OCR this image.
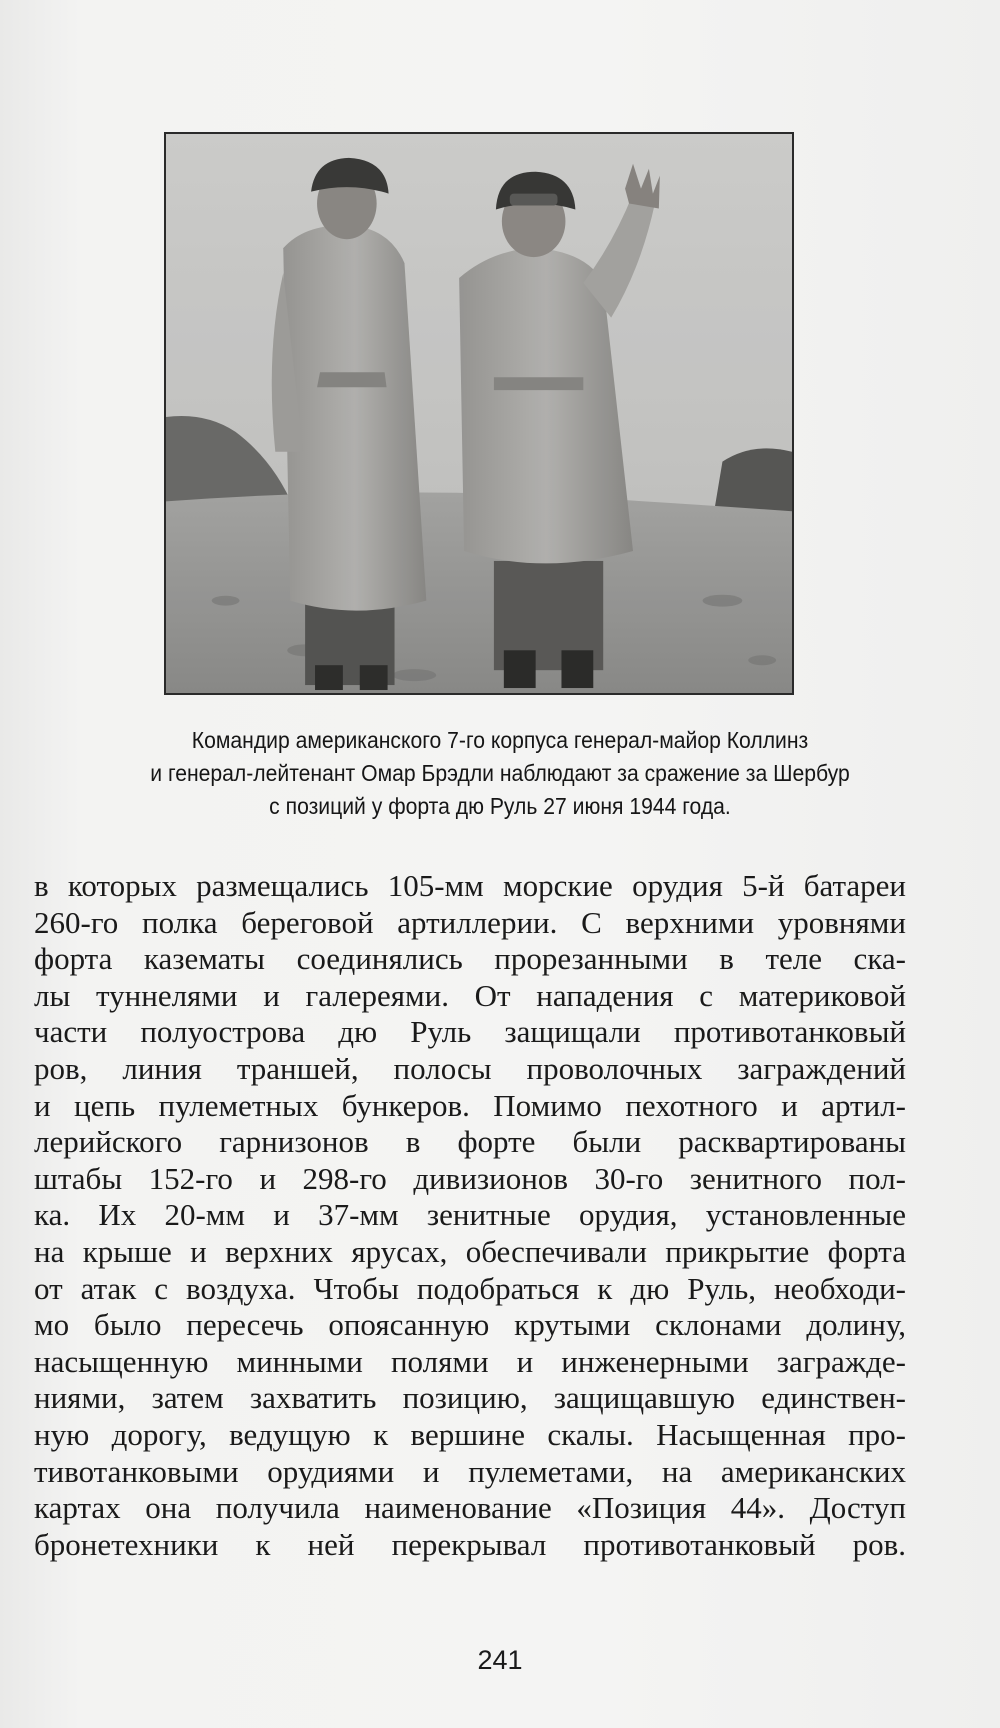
Командир американского 7-го корпуса генерал-майор Коллинз
и генерал-лейтенант Омар Брэдли наблюдают за сражение за Шербур
с позиций у форта дю Руль 27 июня 1944 года.
в которых размещались 105-мм морские орудия 5-й батареи
260-го полка береговой артиллерии. С верхними уровнями
форта казематы соединялись прорезанными в теле ска-
лы туннелями и галереями. От нападения с материковой
части полуострова дю Руль защищали противотанковый
ров, линия траншей, полосы проволочных заграждений
и цепь пулеметных бункеров. Помимо пехотного и артил-
лерийского гарнизонов в форте были расквартированы
штабы 152-го и 298-го дивизионов 30-го зенитного пол-
ка. Их 20-мм и 37-мм зенитные орудия, установленные
на крыше и верхних ярусах, обеспечивали прикрытие форта
от атак с воздуха. Чтобы подобраться к дю Руль, необходи-
мо было пересечь опоясанную крутыми склонами долину,
насыщенную минными полями и инженерными загражде-
ниями, затем захватить позицию, защищавшую единствен-
ную дорогу, ведущую к вершине скалы. Насыщенная про-
тивотанковыми орудиями и пулеметами, на американских
картах она получила наименование «Позиция 44». Доступ
бронетехники к ней перекрывал противотанковый ров.
241
